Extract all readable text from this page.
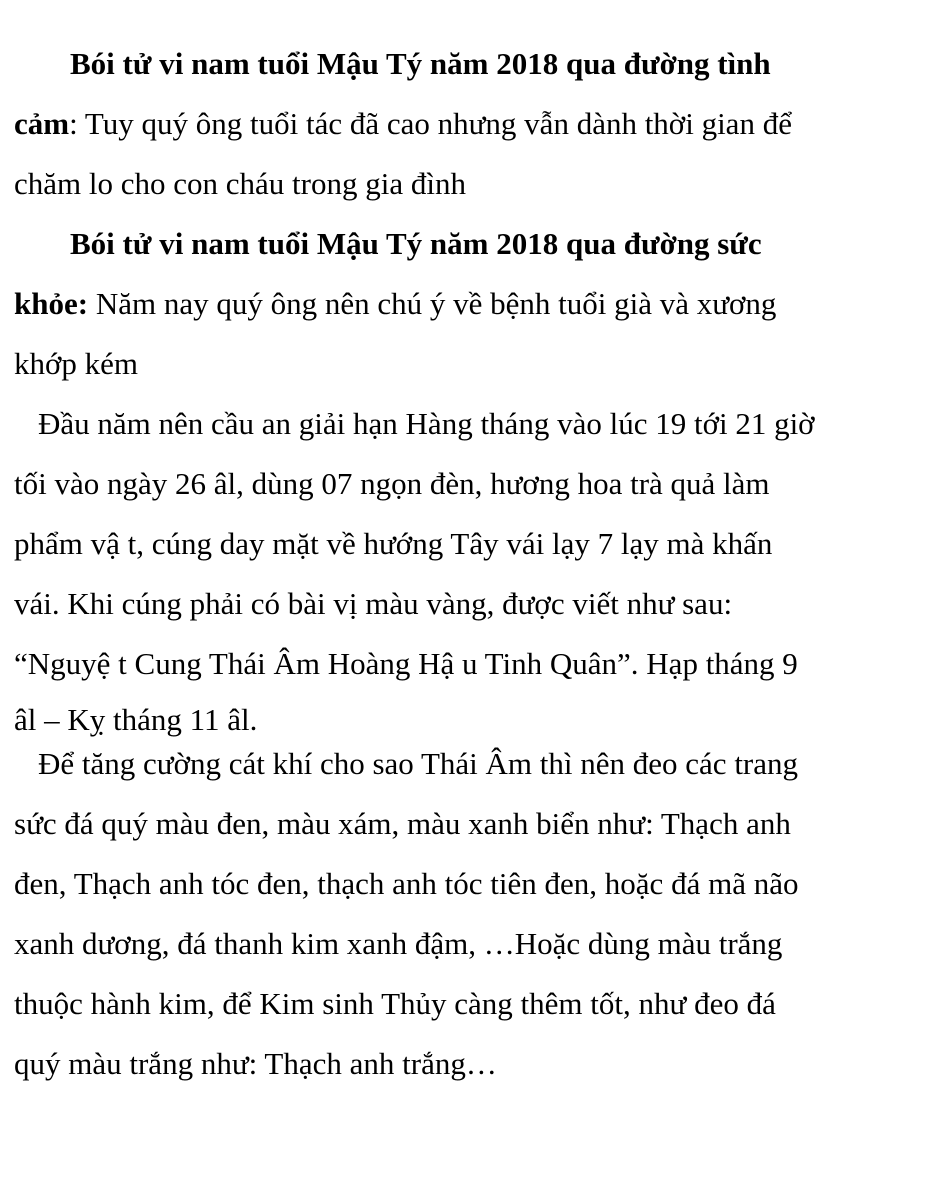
Bói tử vi nam tuổi Mậu Tý năm 2018 qua đường tình
cảm: Tuy quý ông tuổi tác đã cao nhưng vẫn dành thời gian để
chăm lo cho con cháu trong gia đình
Bói tử vi nam tuổi Mậu Tý năm 2018 qua đường sức
khỏe: Năm nay quý ông nên chú ý về bệnh tuổi già và xương
khớp kém
Đầu năm nên cầu an giải hạn Hàng tháng vào lúc 19 tới 21 giờ
tối vào ngày 26 âl, dùng 07 ngọn đèn, hương hoa trà quả làm
phẩm vậ t, cúng day mặt về hướng Tây vái lạy 7 lạy mà khấn
vái. Khi cúng phải có bài vị màu vàng, được viết như sau:
“Nguyệ t Cung Thái Âm Hoàng Hậ u Tinh Quân”. Hạp tháng 9
âl – Kỵ tháng 11 âl.
Để tăng cường cát khí cho sao Thái Âm thì nên đeo các trang
sức đá quý màu đen, màu xám, màu xanh biển như: Thạch anh
đen, Thạch anh tóc đen, thạch anh tóc tiên đen, hoặc đá mã não
xanh dương, đá thanh kim xanh đậm, …Hoặc dùng màu trắng
thuộc hành kim, để Kim sinh Thủy càng thêm tốt, như đeo đá
quý màu trắng như: Thạch anh trắng…
